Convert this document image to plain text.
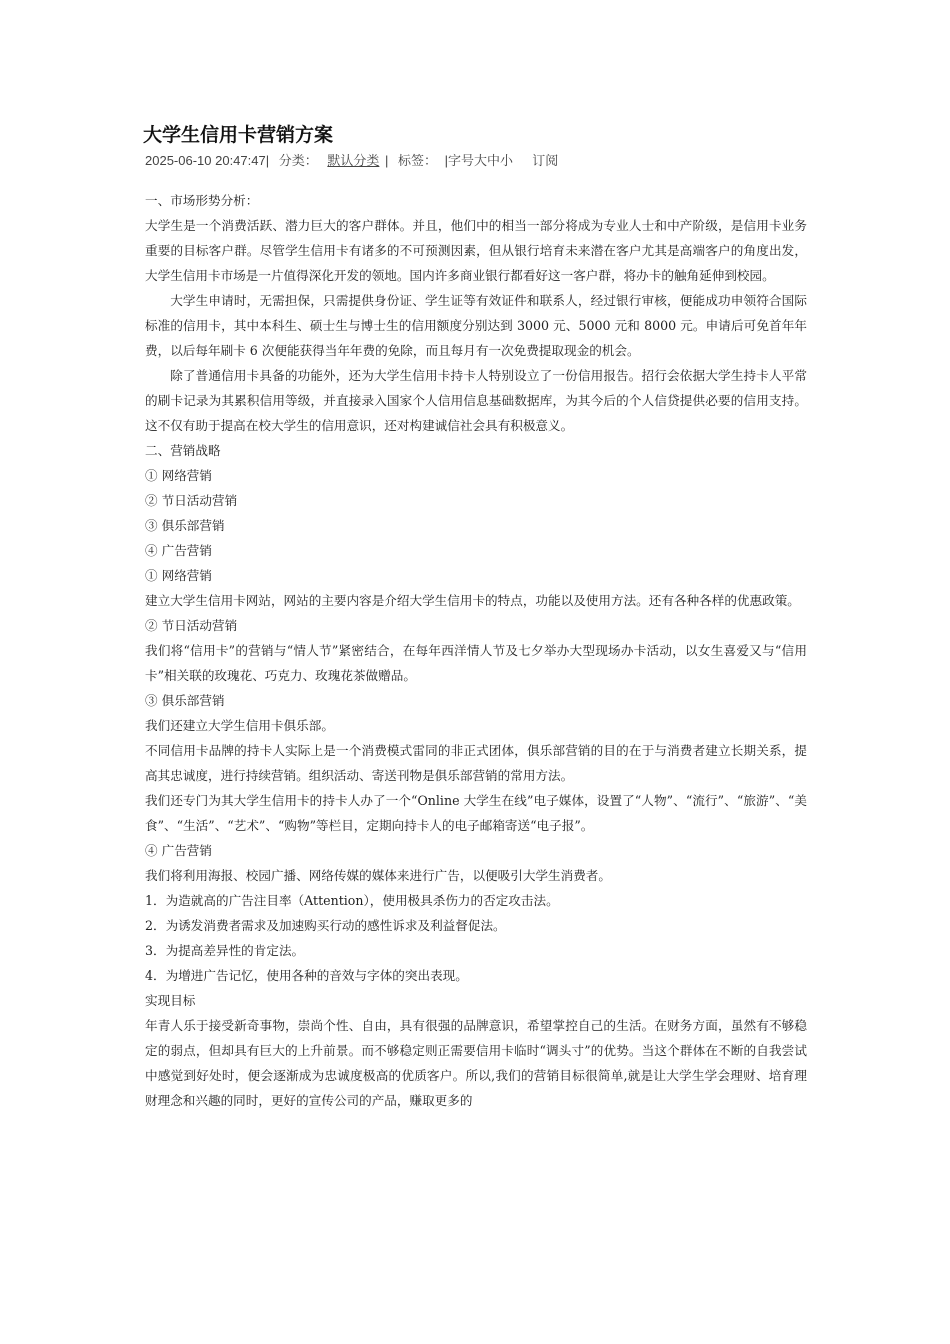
大学生信用卡营销方案
2025-06-10 20:47:47| 分类： 默认分类 | 标签： |字号大中小 订阅

一、市场形势分析：

大学生是一个消费活跃、潜力巨大的客户群体。并且，他们中的相当一部分将成为专业人士和中产阶级，是信用卡业务重要的目标客户群。尽管学生信用卡有诸多的不可预测因素，但从银行培育未来潜在客户尤其是高端客户的角度出发，大学生信用卡市场是一片值得深化开发的领地。国内许多商业银行都看好这一客户群，将办卡的触角延伸到校园。

大学生申请时，无需担保，只需提供身份证、学生证等有效证件和联系人，经过银行审核，便能成功申领符合国际标准的信用卡，其中本科生、硕士生与博士生的信用额度分别达到 3000 元、5000 元和 8000 元。申请后可免首年年费，以后每年刷卡 6 次便能获得当年年费的免除，而且每月有一次免费提取现金的机会。

除了普通信用卡具备的功能外，还为大学生信用卡持卡人特别设立了一份信用报告。招行会依据大学生持卡人平常的刷卡记录为其累积信用等级，并直接录入国家个人信用信息基础数据库，为其今后的个人信贷提供必要的信用支持。这不仅有助于提高在校大学生的信用意识，还对构建诚信社会具有积极意义。

二、营销战略

① 网络营销

② 节日活动营销

③ 俱乐部营销

④ 广告营销

① 网络营销

建立大学生信用卡网站，网站的主要内容是介绍大学生信用卡的特点，功能以及使用方法。还有各种各样的优惠政策。

② 节日活动营销

我们将“信用卡”的营销与“情人节”紧密结合，在每年西洋情人节及七夕举办大型现场办卡活动，以女生喜爱又与“信用卡”相关联的玫瑰花、巧克力、玫瑰花茶做赠品。

③ 俱乐部营销

我们还建立大学生信用卡俱乐部。

不同信用卡品牌的持卡人实际上是一个消费模式雷同的非正式团体，俱乐部营销的目的在于与消费者建立长期关系，提高其忠诚度，进行持续营销。组织活动、寄送刊物是俱乐部营销的常用方法。

我们还专门为其大学生信用卡的持卡人办了一个“Online 大学生在线”电子媒体，设置了“人物”、“流行”、“旅游”、“美食”、“生活”、“艺术”、“购物”等栏目，定期向持卡人的电子邮箱寄送“电子报”。

④ 广告营销

我们将利用海报、校园广播、网络传媒的媒体来进行广告，以便吸引大学生消费者。

1．为造就高的广告注目率（Attention），使用极具杀伤力的否定攻击法。

2．为诱发消费者需求及加速购买行动的感性诉求及利益督促法。

3．为提高差异性的肯定法。

4．为增进广告记忆，使用各种的音效与字体的突出表现。

实现目标

年青人乐于接受新奇事物，崇尚个性、自由，具有很强的品牌意识，希望掌控自己的生活。在财务方面，虽然有不够稳定的弱点，但却具有巨大的上升前景。而不够稳定则正需要信用卡临时“调头寸”的优势。当这个群体在不断的自我尝试中感觉到好处时，便会逐渐成为忠诚度极高的优质客户。所以,我们的营销目标很简单,就是让大学生学会理财、培育理财理念和兴趣的同时，更好的宣传公司的产品，赚取更多的
